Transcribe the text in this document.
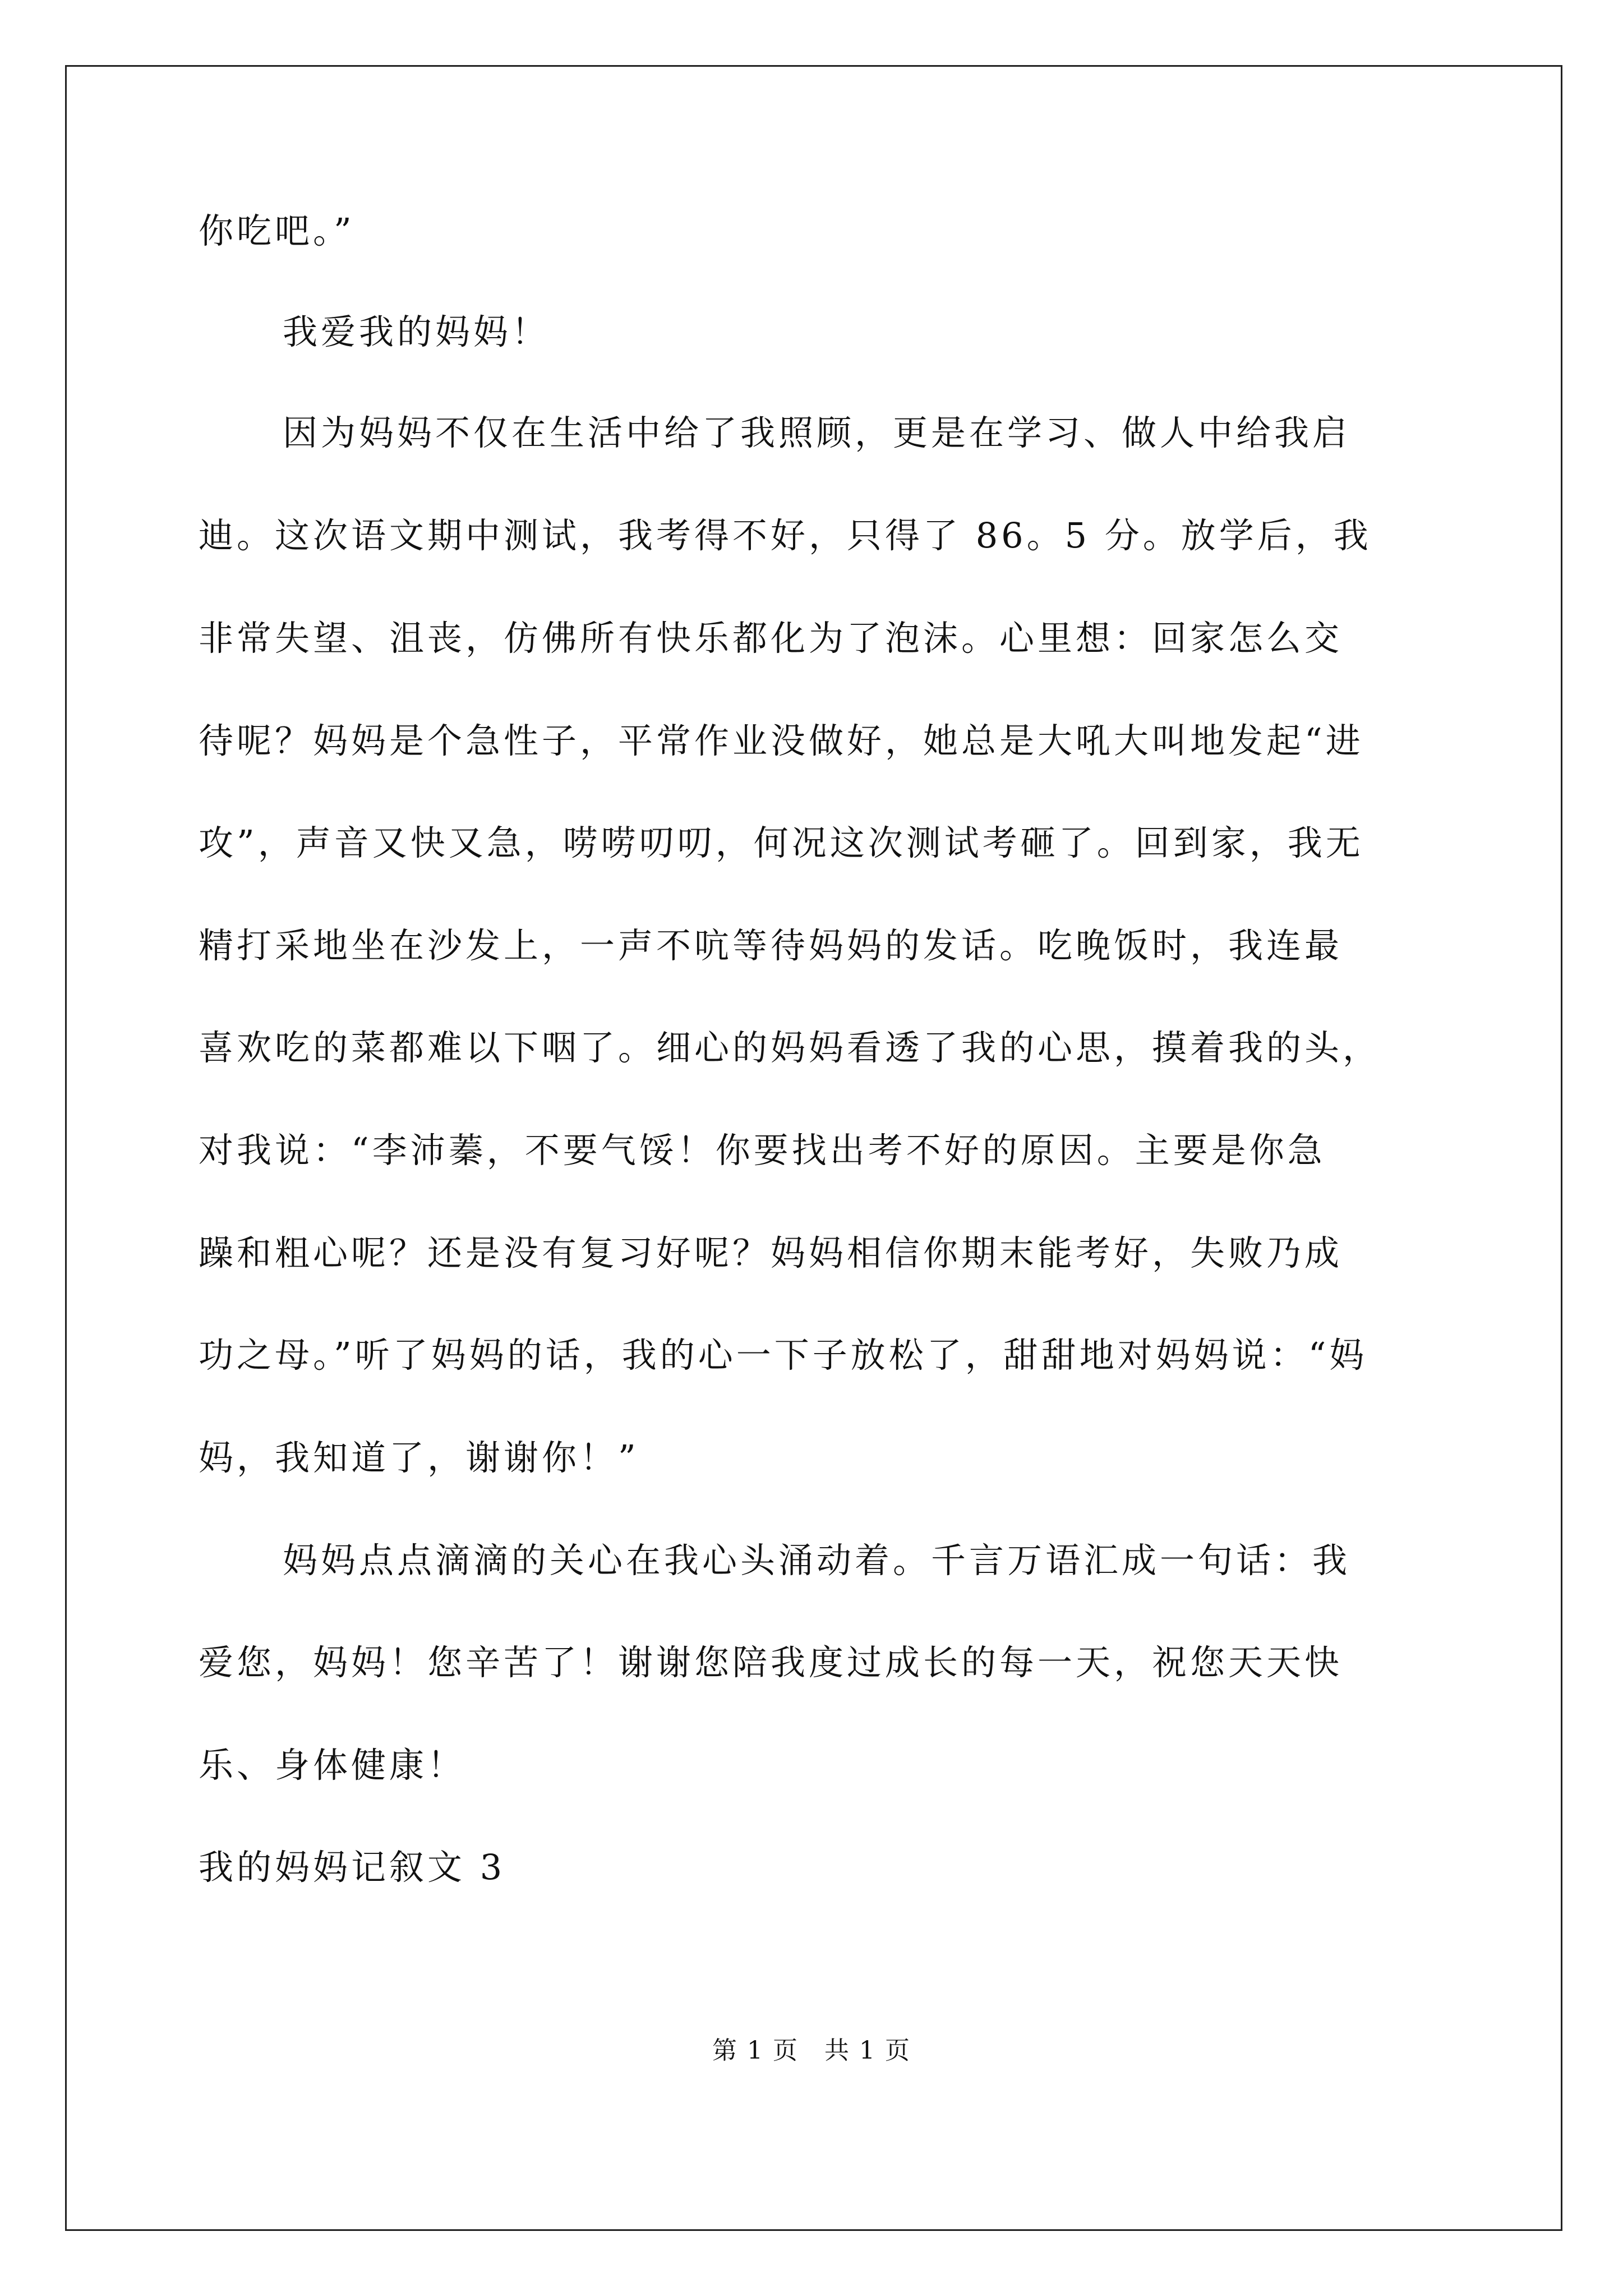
你吃吧。”

我爱我的妈妈！

因为妈妈不仅在生活中给了我照顾，更是在学习、做人中给我启

迪。这次语文期中测试，我考得不好，只得了 86。5 分。放学后，我

非常失望、沮丧，仿佛所有快乐都化为了泡沫。心里想：回家怎么交

待呢？妈妈是个急性子，平常作业没做好，她总是大吼大叫地发起“进

攻”，声音又快又急，唠唠叨叨，何况这次测试考砸了。回到家，我无

精打采地坐在沙发上，一声不吭等待妈妈的发话。吃晚饭时，我连最

喜欢吃的菜都难以下咽了。细心的妈妈看透了我的心思，摸着我的头，

对我说：“李沛蓁，不要气馁！你要找出考不好的原因。主要是你急

躁和粗心呢？还是没有复习好呢？妈妈相信你期末能考好，失败乃成

功之母。”听了妈妈的话，我的心一下子放松了，甜甜地对妈妈说：“妈

妈，我知道了，谢谢你！”

妈妈点点滴滴的关心在我心头涌动着。千言万语汇成一句话：我

爱您，妈妈！您辛苦了！谢谢您陪我度过成长的每一天，祝您天天快

乐、身体健康！

我的妈妈记叙文 3

第 1 页　共 1 页
